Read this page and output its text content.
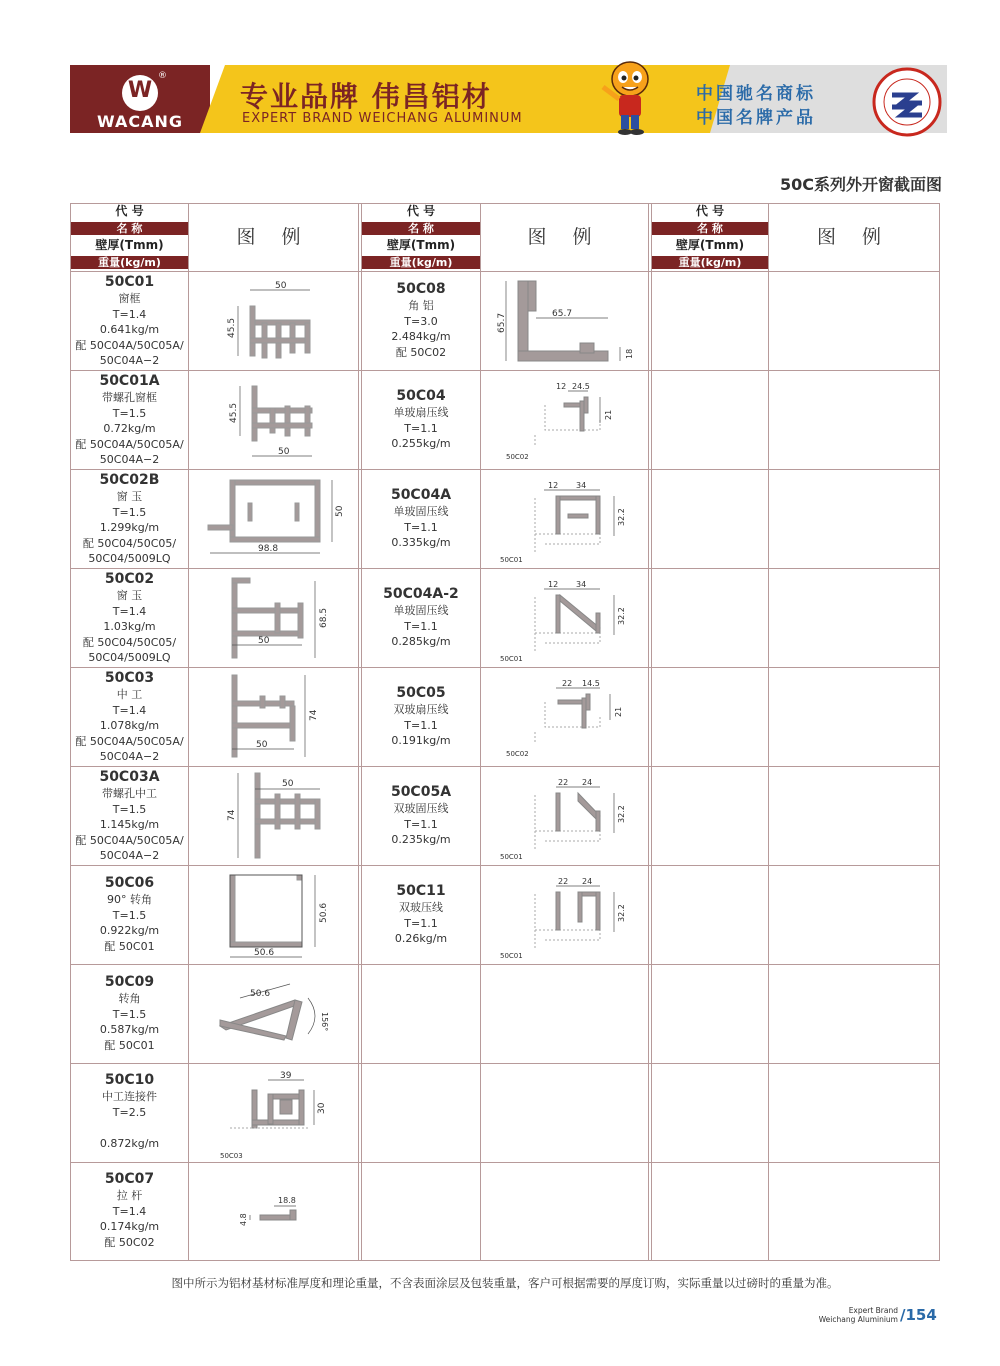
W
®
WACANG
专业品牌 伟昌铝材
EXPERT BRAND WEICHANG ALUMINUM
中国驰名商标
中国名牌产品
50C系列外开窗截面图
代 号
名 称
壁厚(Tmm)
重量(kg/m)
图 例
代 号
名 称
壁厚(Tmm)
重量(kg/m)
图 例
代 号
名 称
壁厚(Tmm)
重量(kg/m)
图 例
50C01
窗框
T=1.4
0.641kg/m
配 50C04A/50C05A/
50C04A−2
50
45.5
50C01A
带螺孔窗框
T=1.5
0.72kg/m
配 50C04A/50C05A/
50C04A−2
45.5
50
50C02B
窗 玉
T=1.5
1.299kg/m
配 50C04/50C05/
50C04/5009LQ
98.8
50
50C02
窗 玉
T=1.4
1.03kg/m
配 50C04/50C05/
50C04/5009LQ
50
68.5
50C03
中 工
T=1.4
1.078kg/m
配 50C04A/50C05A/
50C04A−2
50
74
50C03A
带螺孔中工
T=1.5
1.145kg/m
配 50C04A/50C05A/
50C04A−2
50
74
50C06
90° 转角
T=1.5
0.922kg/m
配 50C01
50.6
50.6
50C09
转角
T=1.5
0.587kg/m
配 50C01
50.6
156°
50C10
中工连接件
T=2.5
0.872kg/m
39
30
50C03
50C07
拉 杆
T=1.4
0.174kg/m
配 50C02
18.8
4.8
50C08
角 铝
T=3.0
2.484kg/m
配 50C02
65.7	65.7
18
50C04
单玻扇压线
T=1.1
0.255kg/m
12 24.5
21
50C02
50C04A
单玻固压线
T=1.1
0.335kg/m
12 34
32.2
50C01
50C04A-2
单玻固压线
T=1.1
0.285kg/m
12 34
32.2
50C01
50C05
双玻扇压线
T=1.1
0.191kg/m
22 14.5
21
50C02
50C05A
双玻固压线
T=1.1
0.235kg/m
22 24
32.2
50C01
50C11
双玻压线
T=1.1
0.26kg/m
22 24
32.2
50C01
图中所示为铝材基材标准厚度和理论重量，不含表面涂层及包装重量，客户可根据需要的厚度订购，实际重量以过磅时的重量为准。
Expert Brand
Weichang Aluminium /154
